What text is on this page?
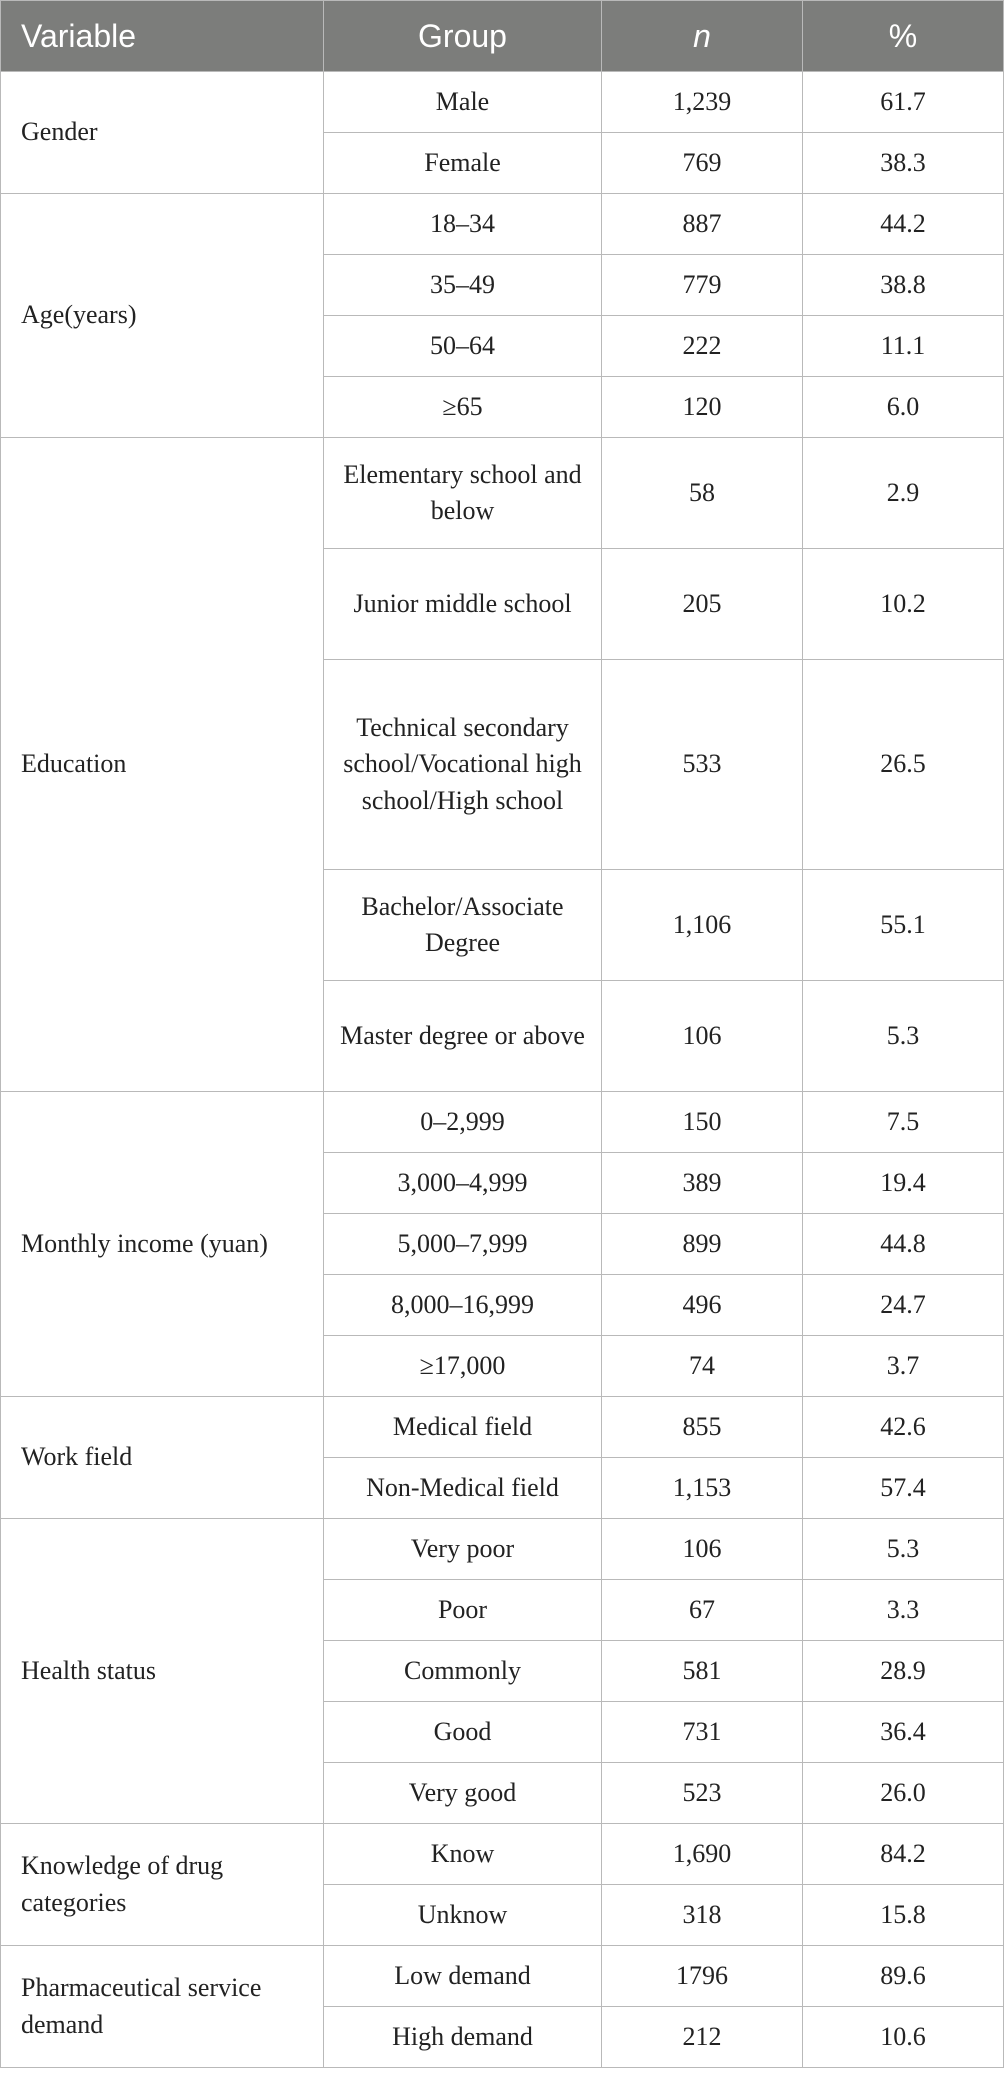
Variable	Group	n	%
Gender	Male	1,239	61.7
	Female	769	38.3
Age(years)	18–34	887	44.2
	35–49	779	38.8
	50–64	222	11.1
	≥65	120	6.0
Education	Elementary school and below	58	2.9
	Junior middle school	205	10.2
	Technical secondary school/Vocational high school/High school	533	26.5
	Bachelor/Associate Degree	1,106	55.1
	Master degree or above	106	5.3
Monthly income (yuan)	0–2,999	150	7.5
	3,000–4,999	389	19.4
	5,000–7,999	899	44.8
	8,000–16,999	496	24.7
	≥17,000	74	3.7
Work field	Medical field	855	42.6
	Non-Medical field	1,153	57.4
Health status	Very poor	106	5.3
	Poor	67	3.3
	Commonly	581	28.9
	Good	731	36.4
	Very good	523	26.0
Knowledge of drug categories	Know	1,690	84.2
	Unknow	318	15.8
Pharmaceutical service demand	Low demand	1796	89.6
	High demand	212	10.6
